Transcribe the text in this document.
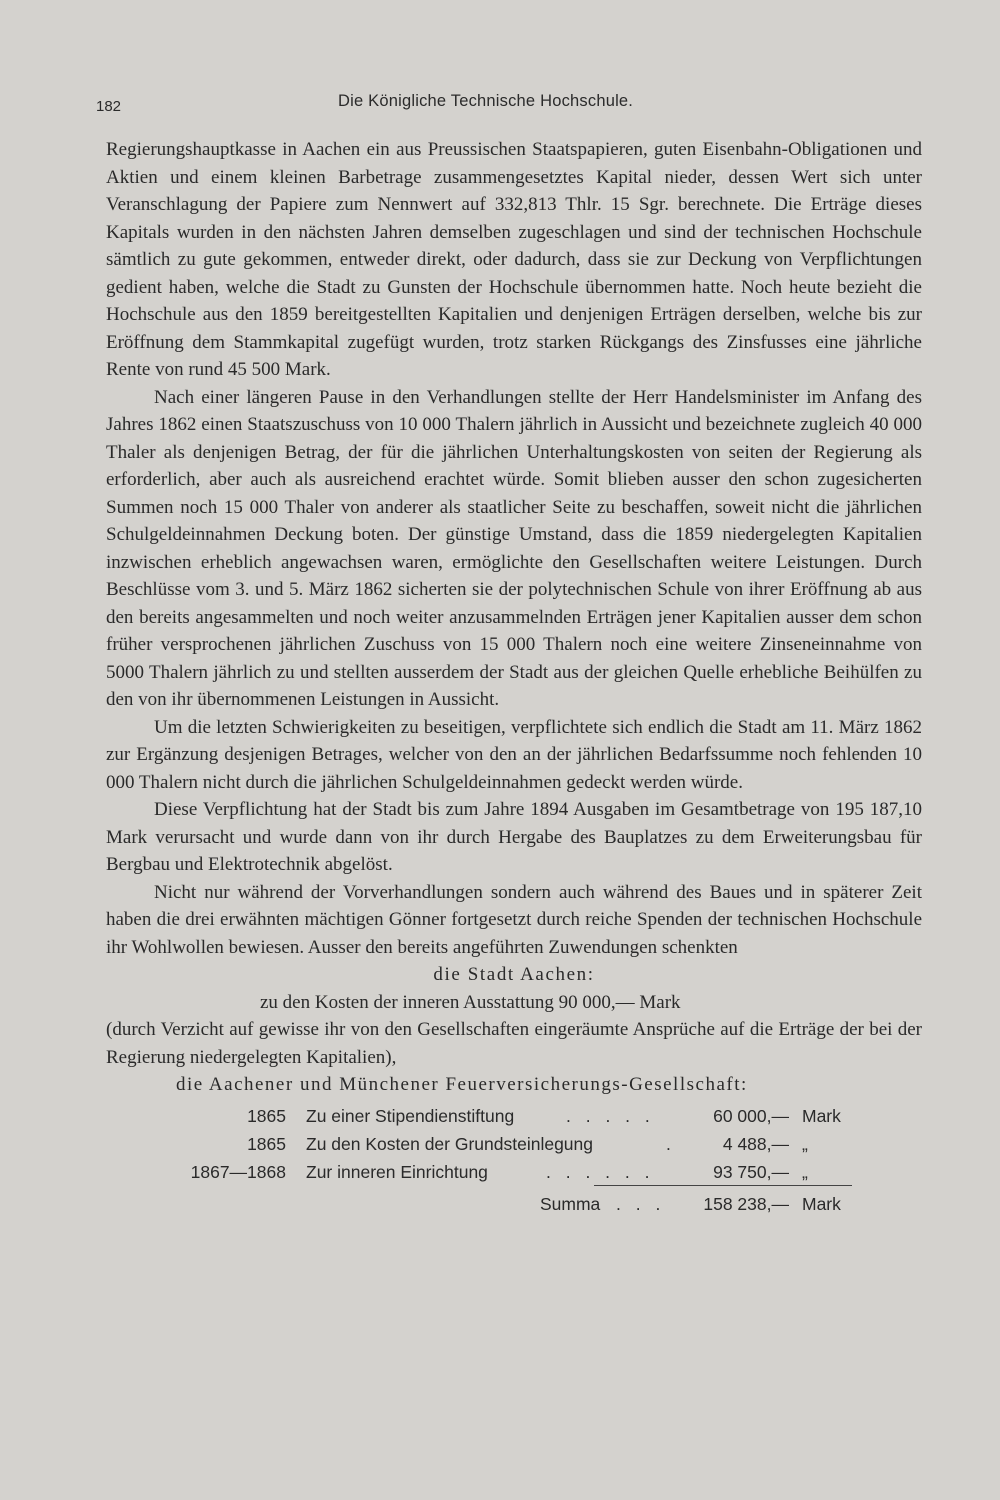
182	Die Königliche Technische Hochschule.

Regierungshauptkasse in Aachen ein aus Preussischen Staatspapieren, guten Eisenbahn-Obligationen und Aktien und einem kleinen Barbetrage zusammengesetztes Kapital nieder, dessen Wert sich unter Veranschlagung der Papiere zum Nennwert auf 332,813 Thlr. 15 Sgr. berechnete. Die Erträge dieses Kapitals wurden in den nächsten Jahren demselben zugeschlagen und sind der technischen Hochschule sämtlich zu gute gekommen, entweder direkt, oder dadurch, dass sie zur Deckung von Verpflichtungen gedient haben, welche die Stadt zu Gunsten der Hochschule übernommen hatte. Noch heute bezieht die Hochschule aus den 1859 bereitgestellten Kapitalien und denjenigen Erträgen derselben, welche bis zur Eröffnung dem Stammkapital zugefügt wurden, trotz starken Rückgangs des Zinsfusses eine jährliche Rente von rund 45 500 Mark.

Nach einer längeren Pause in den Verhandlungen stellte der Herr Handelsminister im Anfang des Jahres 1862 einen Staatszuschuss von 10 000 Thalern jährlich in Aussicht und bezeichnete zugleich 40 000 Thaler als denjenigen Betrag, der für die jährlichen Unterhaltungskosten von seiten der Regierung als erforderlich, aber auch als ausreichend erachtet würde. Somit blieben ausser den schon zugesicherten Summen noch 15 000 Thaler von anderer als staatlicher Seite zu beschaffen, soweit nicht die jährlichen Schulgeldeinnahmen Deckung boten. Der günstige Umstand, dass die 1859 niedergelegten Kapitalien inzwischen erheblich angewachsen waren, ermöglichte den Gesellschaften weitere Leistungen. Durch Beschlüsse vom 3. und 5. März 1862 sicherten sie der polytechnischen Schule von ihrer Eröffnung ab aus den bereits angesammelten und noch weiter anzusammelnden Erträgen jener Kapitalien ausser dem schon früher versprochenen jährlichen Zuschuss von 15 000 Thalern noch eine weitere Zinseneinnahme von 5000 Thalern jährlich zu und stellten ausserdem der Stadt aus der gleichen Quelle erhebliche Beihülfen zu den von ihr übernommenen Leistungen in Aussicht.

Um die letzten Schwierigkeiten zu beseitigen, verpflichtete sich endlich die Stadt am 11. März 1862 zur Ergänzung desjenigen Betrages, welcher von den an der jährlichen Bedarfssumme noch fehlenden 10 000 Thalern nicht durch die jährlichen Schulgeldeinnahmen gedeckt werden würde.

Diese Verpflichtung hat der Stadt bis zum Jahre 1894 Ausgaben im Gesamtbetrage von 195 187,10 Mark verursacht und wurde dann von ihr durch Hergabe des Bauplatzes zu dem Erweiterungsbau für Bergbau und Elektrotechnik abgelöst.

Nicht nur während der Vorverhandlungen sondern auch während des Baues und in späterer Zeit haben die drei erwähnten mächtigen Gönner fortgesetzt durch reiche Spenden der technischen Hochschule ihr Wohlwollen bewiesen. Ausser den bereits angeführten Zuwendungen schenkten

die Stadt Aachen:

zu den Kosten der inneren Ausstattung 90 000,— Mark

(durch Verzicht auf gewisse ihr von den Gesellschaften eingeräumte Ansprüche auf die Erträge der bei der Regierung niedergelegten Kapitalien),

die Aachener und Münchener Feuerversicherungs-Gesellschaft:

1865 Zu einer Stipendienstiftung	. . . . .	60 000,— Mark
1865 Zu den Kosten der Grundsteinlegung	.	4 488,— „
1867—1868 Zur inneren Einrichtung	. . . . . .	93 750,— „
Summa . . . 158 238,— Mark
